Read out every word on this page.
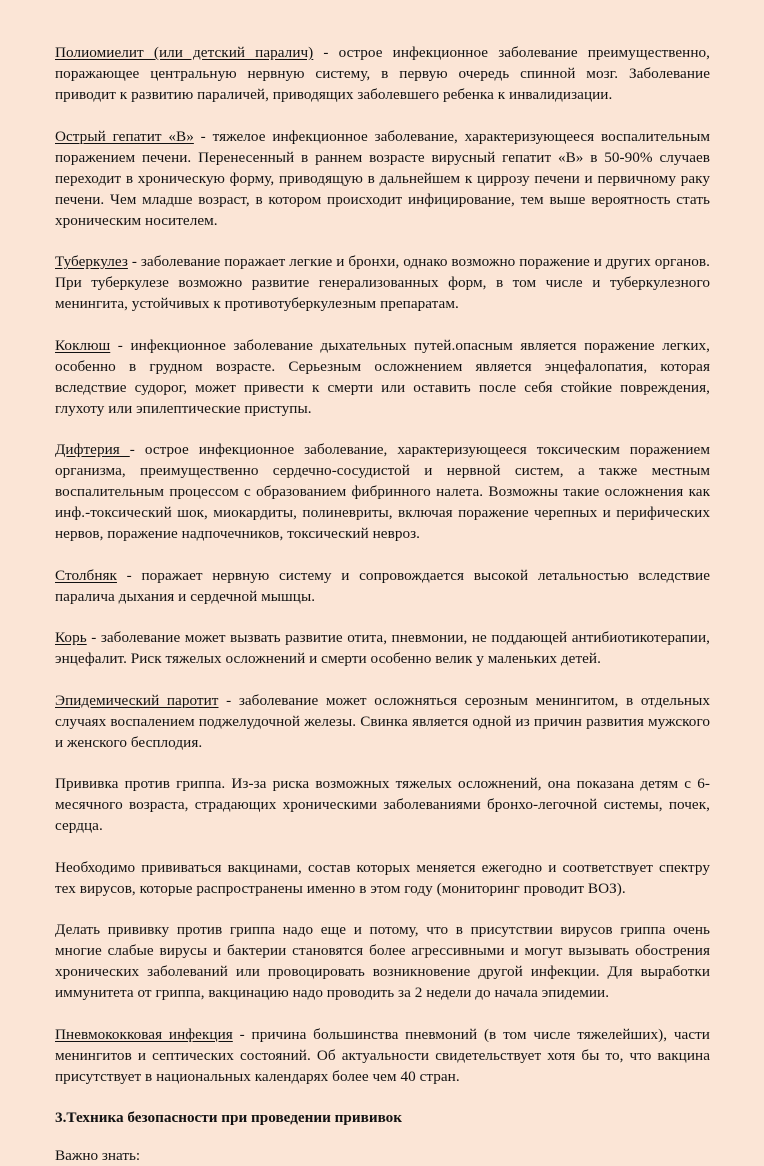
Полиомиелит (или детский паралич) - острое инфекционное заболевание преимущественно, поражающее центральную нервную систему, в первую очередь спинной мозг. Заболевание приводит к развитию параличей, приводящих заболевшего ребенка к инвалидизации.

Острый гепатит «В» - тяжелое инфекционное заболевание, характеризующееся воспалительным поражением печени. Перенесенный в раннем возрасте вирусный гепатит «В» в 50-90% случаев переходит в хроническую форму, приводящую в дальнейшем к циррозу печени и первичному раку печени. Чем младше возраст, в котором происходит инфицирование, тем выше вероятность стать хроническим носителем.

Туберкулез - заболевание поражает легкие и бронхи, однако возможно поражение и других органов. При туберкулезе возможно развитие генерализованных форм, в том числе и туберкулезного менингита, устойчивых к противотуберкулезным препаратам.

Коклюш - инфекционное заболевание дыхательных путей.опасным является поражение легких, особенно в грудном возрасте. Серьезным осложнением является энцефалопатия, которая вследствие судорог, может привести к смерти или оставить после себя стойкие повреждения, глухоту или эпилептические приступы.

Дифтерия - острое инфекционное заболевание, характеризующееся токсическим поражением организма, преимущественно сердечно-сосудистой и нервной систем, а также местным воспалительным процессом с образованием фибринного налета. Возможны такие осложнения как инф.-токсический шок, миокардиты, полиневриты, включая поражение черепных и перифических нервов, поражение надпочечников, токсический невроз.

Столбняк - поражает нервную систему и сопровождается высокой летальностью вследствие паралича дыхания и сердечной мышцы.

Корь - заболевание может вызвать развитие отита, пневмонии, не поддающей антибиотикотерапии, энцефалит. Риск тяжелых осложнений и смерти особенно велик у маленьких детей.

Эпидемический паротит - заболевание может осложняться серозным менингитом, в отдельных случаях воспалением поджелудочной железы. Свинка является одной из причин развития мужского и женского бесплодия.

Прививка против гриппа. Из-за риска возможных тяжелых осложнений, она показана детям с 6-месячного возраста, страдающих хроническими заболеваниями бронхо-легочной системы, почек, сердца.

Необходимо прививаться вакцинами, состав которых меняется ежегодно и соответствует спектру тех вирусов, которые распространены именно в этом году (мониторинг проводит ВОЗ).

Делать прививку против гриппа надо еще и потому, что в присутствии вирусов гриппа очень многие слабые вирусы и бактерии становятся более агрессивными и могут вызывать обострения хронических заболеваний или провоцировать возникновение другой инфекции. Для выработки иммунитета от гриппа, вакцинацию надо проводить за 2 недели до начала эпидемии.

Пневмококковая инфекция - причина большинства пневмоний (в том числе тяжелейших), части менингитов и септических состояний. Об актуальности свидетельствует хотя бы то, что вакцина присутствует в национальных календарях более чем 40 стран.

3.Техника безопасности при проведении прививок

Важно знать:
